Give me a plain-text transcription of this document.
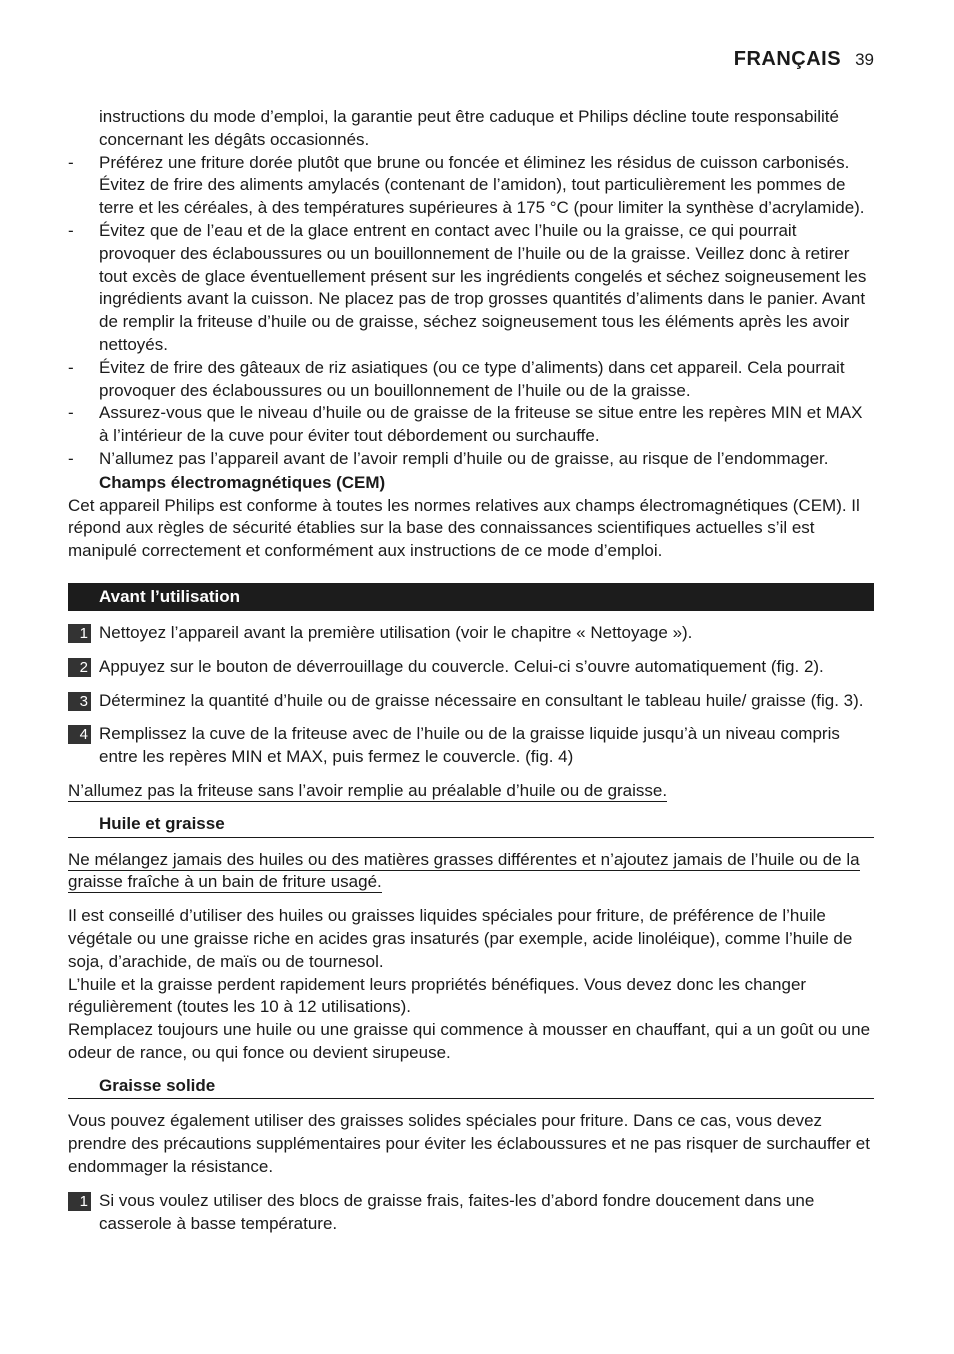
FRANÇAIS 39
instructions du mode d’emploi, la garantie peut être caduque et Philips décline toute responsabilité concernant les dégâts occasionnés.
- Préférez une friture dorée plutôt que brune ou foncée et éliminez les résidus de cuisson carbonisés. Évitez de frire des aliments amylacés (contenant de l’amidon), tout particulièrement les pommes de terre et les céréales, à des températures supérieures à 175 °C (pour limiter la synthèse d’acrylamide).
- Évitez que de l’eau et de la glace entrent en contact avec l’huile ou la graisse, ce qui pourrait provoquer des éclaboussures ou un bouillonnement de l’huile ou de la graisse. Veillez donc à retirer tout excès de glace éventuellement présent sur les ingrédients congelés et séchez soigneusement les ingrédients avant la cuisson. Ne placez pas de trop grosses quantités d’aliments dans le panier. Avant de remplir la friteuse d’huile ou de graisse, séchez soigneusement tous les éléments après les avoir nettoyés.
- Évitez de frire des gâteaux de riz asiatiques (ou ce type d’aliments) dans cet appareil. Cela pourrait provoquer des éclaboussures ou un bouillonnement de l’huile ou de la graisse.
- Assurez-vous que le niveau d’huile ou de graisse de la friteuse se situe entre les repères MIN et MAX à l’intérieur de la cuve pour éviter tout débordement ou surchauffe.
- N’allumez pas l’appareil avant de l’avoir rempli d’huile ou de graisse, au risque de l’endommager.
Champs électromagnétiques (CEM)
Cet appareil Philips est conforme à toutes les normes relatives aux champs électromagnétiques (CEM). Il répond aux règles de sécurité établies sur la base des connaissances scientifiques actuelles s’il est manipulé correctement et conformément aux instructions de ce mode d’emploi.
Avant l’utilisation
1 Nettoyez l’appareil avant la première utilisation (voir le chapitre « Nettoyage »).
2 Appuyez sur le bouton de déverrouillage du couvercle. Celui-ci s’ouvre automatiquement (fig. 2).
3 Déterminez la quantité d’huile ou de graisse nécessaire en consultant le tableau huile/ graisse (fig. 3).
4 Remplissez la cuve de la friteuse avec de l’huile ou de la graisse liquide jusqu’à un niveau compris entre les repères MIN et MAX, puis fermez le couvercle. (fig. 4)
N’allumez pas la friteuse sans l’avoir remplie au préalable d’huile ou de graisse.
Huile et graisse
Ne mélangez jamais des huiles ou des matières grasses différentes et n’ajoutez jamais de l’huile ou de la graisse fraîche à un bain de friture usagé.
Il est conseillé d’utiliser des huiles ou graisses liquides spéciales pour friture, de préférence de l’huile végétale ou une graisse riche en acides gras insaturés (par exemple, acide linoléique), comme l’huile de soja, d’arachide, de maïs ou de tournesol.
L’huile et la graisse perdent rapidement leurs propriétés bénéfiques. Vous devez donc les changer régulièrement (toutes les 10 à 12 utilisations).
Remplacez toujours une huile ou une graisse qui commence à mousser en chauffant, qui a un goût ou une odeur de rance, ou qui fonce ou devient sirupeuse.
Graisse solide
Vous pouvez également utiliser des graisses solides spéciales pour friture. Dans ce cas, vous devez prendre des précautions supplémentaires pour éviter les éclaboussures et ne pas risquer de surchauffer et endommager la résistance.
1 Si vous voulez utiliser des blocs de graisse frais, faites-les d’abord fondre doucement dans une casserole à basse température.
